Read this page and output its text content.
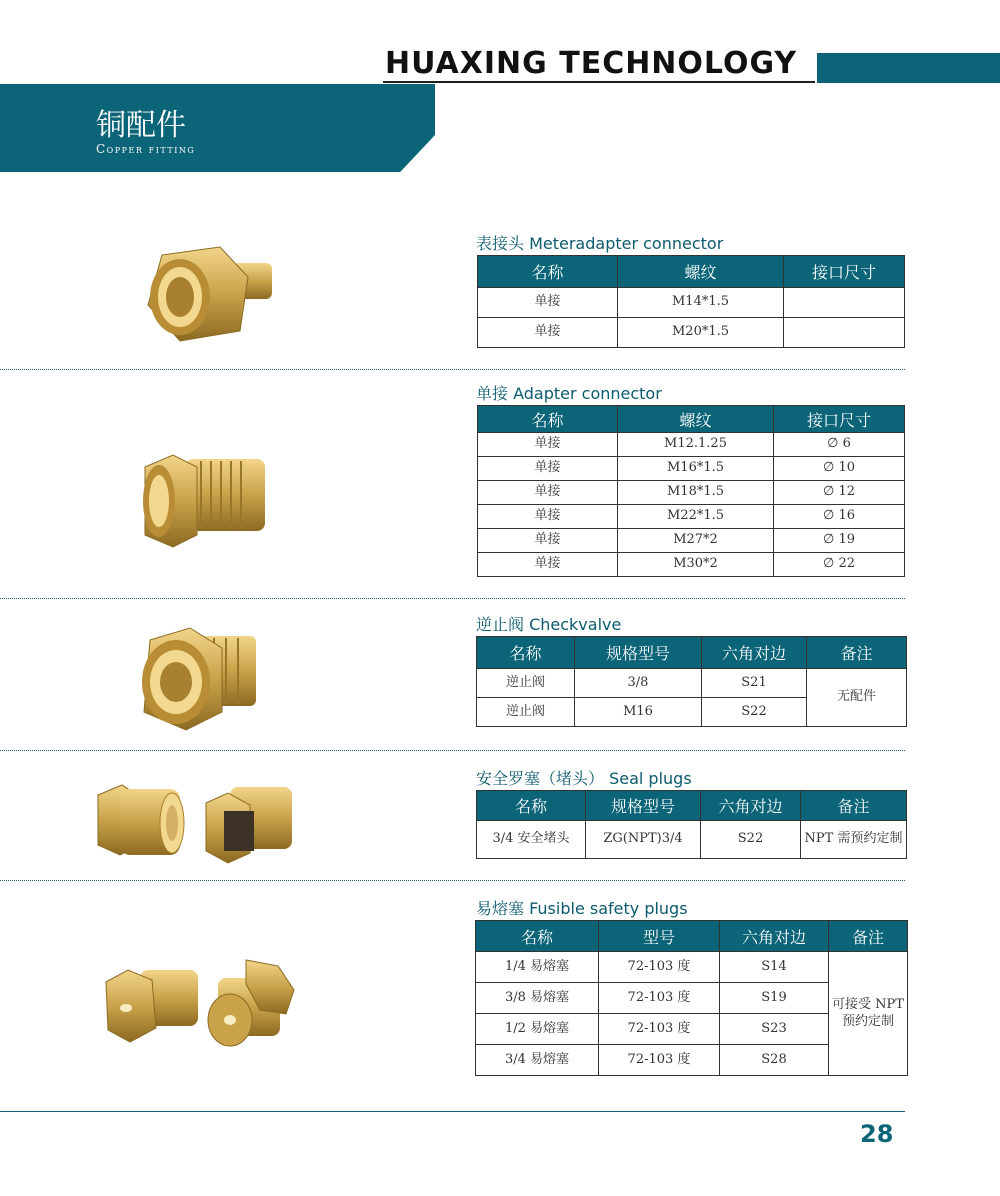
HUAXING TECHNOLOGY
铜配件
Copper fitting
表接头 Meteradapter connector
名称	螺纹	接口尺寸
单接	M14*1.5	
单接	M20*1.5	
单接 Adapter connector
名称	螺纹	接口尺寸
单接	M12.1.25	∅ 6
单接	M16*1.5	∅ 10
单接	M18*1.5	∅ 12
单接	M22*1.5	∅ 16
单接	M27*2	∅ 19
单接	M30*2	∅ 22
逆止阀 Checkvalve
名称	规格型号	六角对边	备注
逆止阀	3/8	S21	无配件
逆止阀	M16	S22	
安全罗塞（堵头） Seal plugs
名称	规格型号	六角对边	备注
3/4 安全堵头	ZG(NPT)3/4	S22	NPT 需预约定制
易熔塞 Fusible safety plugs
名称	型号	六角对边	备注
1/4 易熔塞	72-103 度	S14	可接受 NPT 预约定制
3/8 易熔塞	72-103 度	S19	
1/2 易熔塞	72-103 度	S23	
3/4 易熔塞	72-103 度	S28	
28
